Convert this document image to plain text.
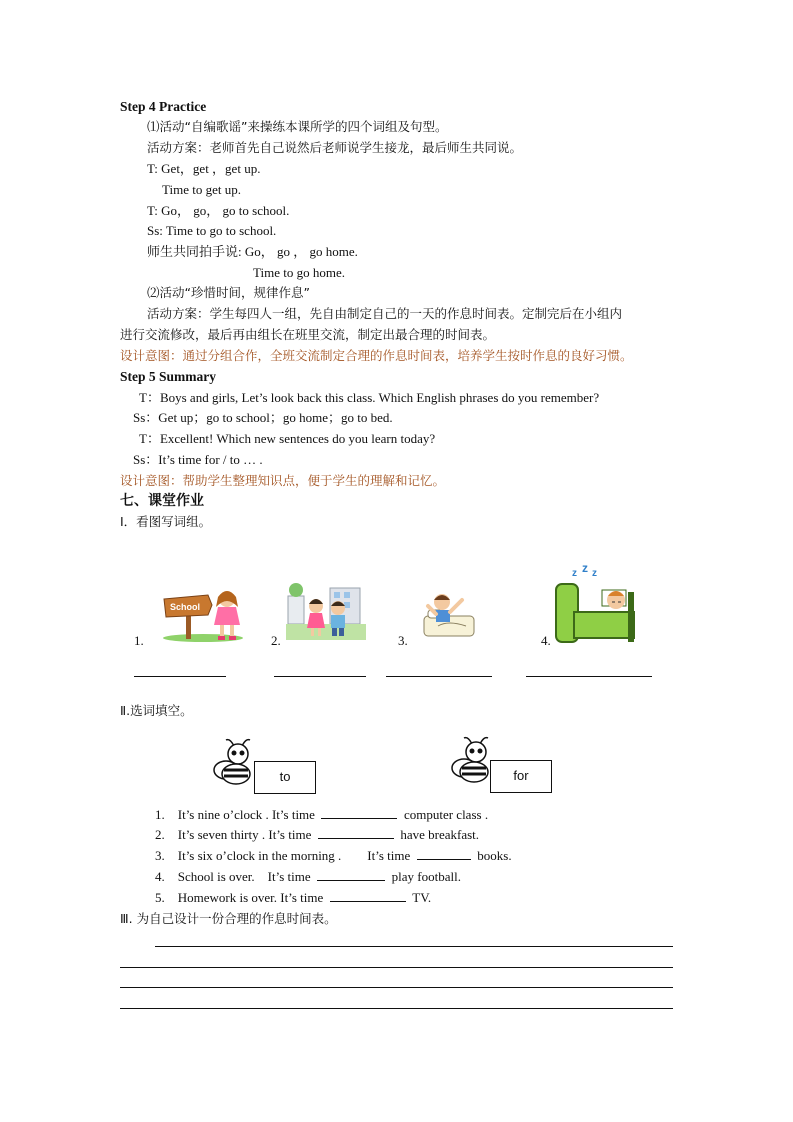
Step 4 Practice
⑴活动“自编歌谣”来操练本课所学的四个词组及句型。
活动方案：老师首先自己说然后老师说学生接龙，最后师生共同说。
T: Get，get ，get up.
Time to get up.
T: Go， go， go to school.
Ss: Time to go to school.
师生共同拍手说: Go， go ， go home.
Time to go home.
⑵活动“珍惜时间，规律作息”
活动方案：学生每四人一组，先自由制定自己的一天的作息时间表。定制完后在小组内
进行交流修改，最后再由组长在班里交流，制定出最合理的时间表。
设计意图：通过分组合作，全班交流制定合理的作息时间表，培养学生按时作息的良好习惯。
Step 5 Summary
T：Boys and girls, Let’s look back this class. Which English phrases do you remember?
Ss：Get up；go to school；go home；go to bed.
T：Excellent! Which new sentences do you learn today?
Ss：It’s time for / to … .
设计意图：帮助学生整理知识点，便于学生的理解和记忆。
七、课堂作业
Ⅰ．看图写词组。
1.
School
2.	3.	4.
z z z
Ⅱ.选词填空。
to	for
1. It’s nine o’clock . It’s time	computer class .
2. It’s seven thirty . It’s time	have breakfast.
3. It’s six o’clock in the morning .        It’s time	books.
4. School is over.    It’s time	play football.
5. Homework is over. It’s time	TV.
Ⅲ. 为自己设计一份合理的作息时间表。
